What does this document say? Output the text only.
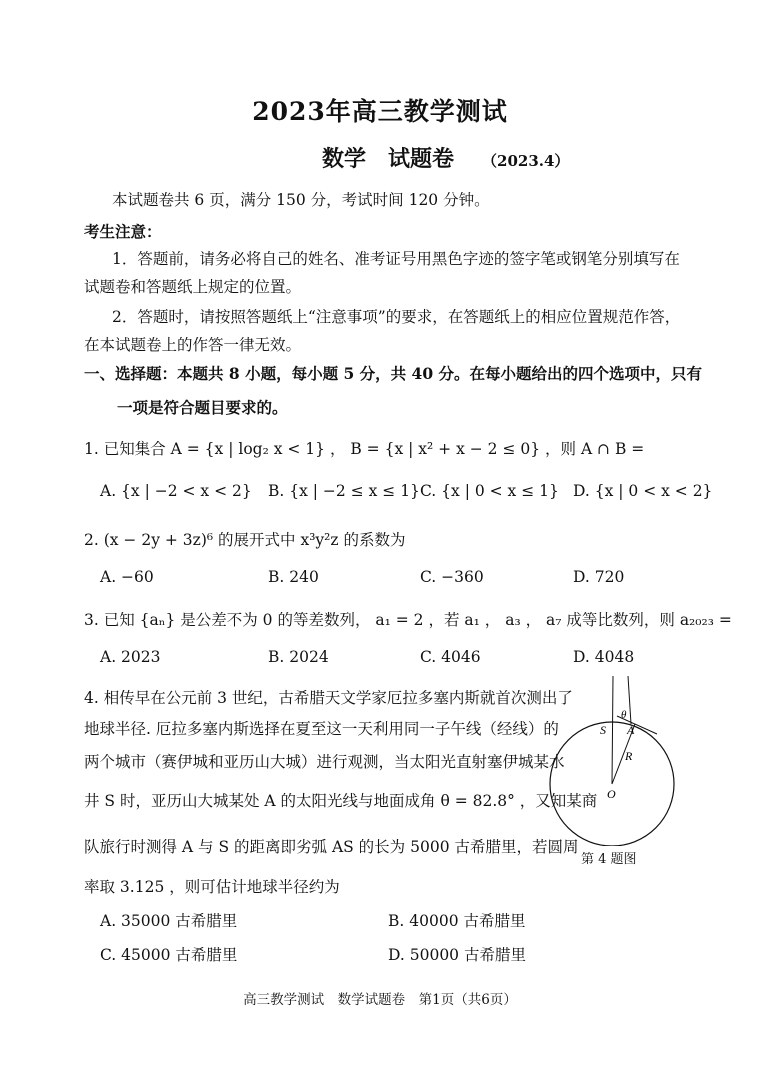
2023年高三教学测试
数学　试题卷 （2023.4）
本试题卷共 6 页，满分 150 分，考试时间 120 分钟。
考生注意：
1．答题前，请务必将自己的姓名、准考证号用黑色字迹的签字笔或钢笔分别填写在
试题卷和答题纸上规定的位置。
2．答题时，请按照答题纸上“注意事项”的要求，在答题纸上的相应位置规范作答，
在本试题卷上的作答一律无效。
一、选择题：本题共 8 小题，每小题 5 分，共 40 分。在每小题给出的四个选项中，只有
一项是符合题目要求的。
1. 已知集合 A = {x | log₂ x < 1} ， B = {x | x² + x − 2 ≤ 0} ，则 A ∩ B =
A. {x | −2 < x < 2} B. {x | −2 ≤ x ≤ 1} C. {x | 0 < x ≤ 1} D. {x | 0 < x < 2}
2. (x − 2y + 3z)⁶ 的展开式中 x³y²z 的系数为
A. −60	B. 240	C. −360	D. 720
3. 已知 {aₙ} 是公差不为 0 的等差数列， a₁ = 2 ，若 a₁ ， a₃ ， a₇ 成等比数列，则 a₂₀₂₃ =
A. 2023	B. 2024	C. 4046	D. 4048
4. 相传早在公元前 3 世纪，古希腊天文学家厄拉多塞内斯就首次测出了
地球半径. 厄拉多塞内斯选择在夏至这一天利用同一子午线（经线）的
两个城市（赛伊城和亚历山大城）进行观测，当太阳光直射塞伊城某水
井 S 时，亚历山大城某处 A 的太阳光线与地面成角 θ = 82.8° ，又知某商
队旅行时测得 A 与 S 的距离即劣弧 AS 的长为 5000 古希腊里，若圆周
率取 3.125 ，则可估计地球半径约为
A. 35000 古希腊里	B. 40000 古希腊里
C. 45000 古希腊里	D. 50000 古希腊里
θ
S A
R
O
第 4 题图
高三教学测试　数学试题卷　第1页（共6页）
